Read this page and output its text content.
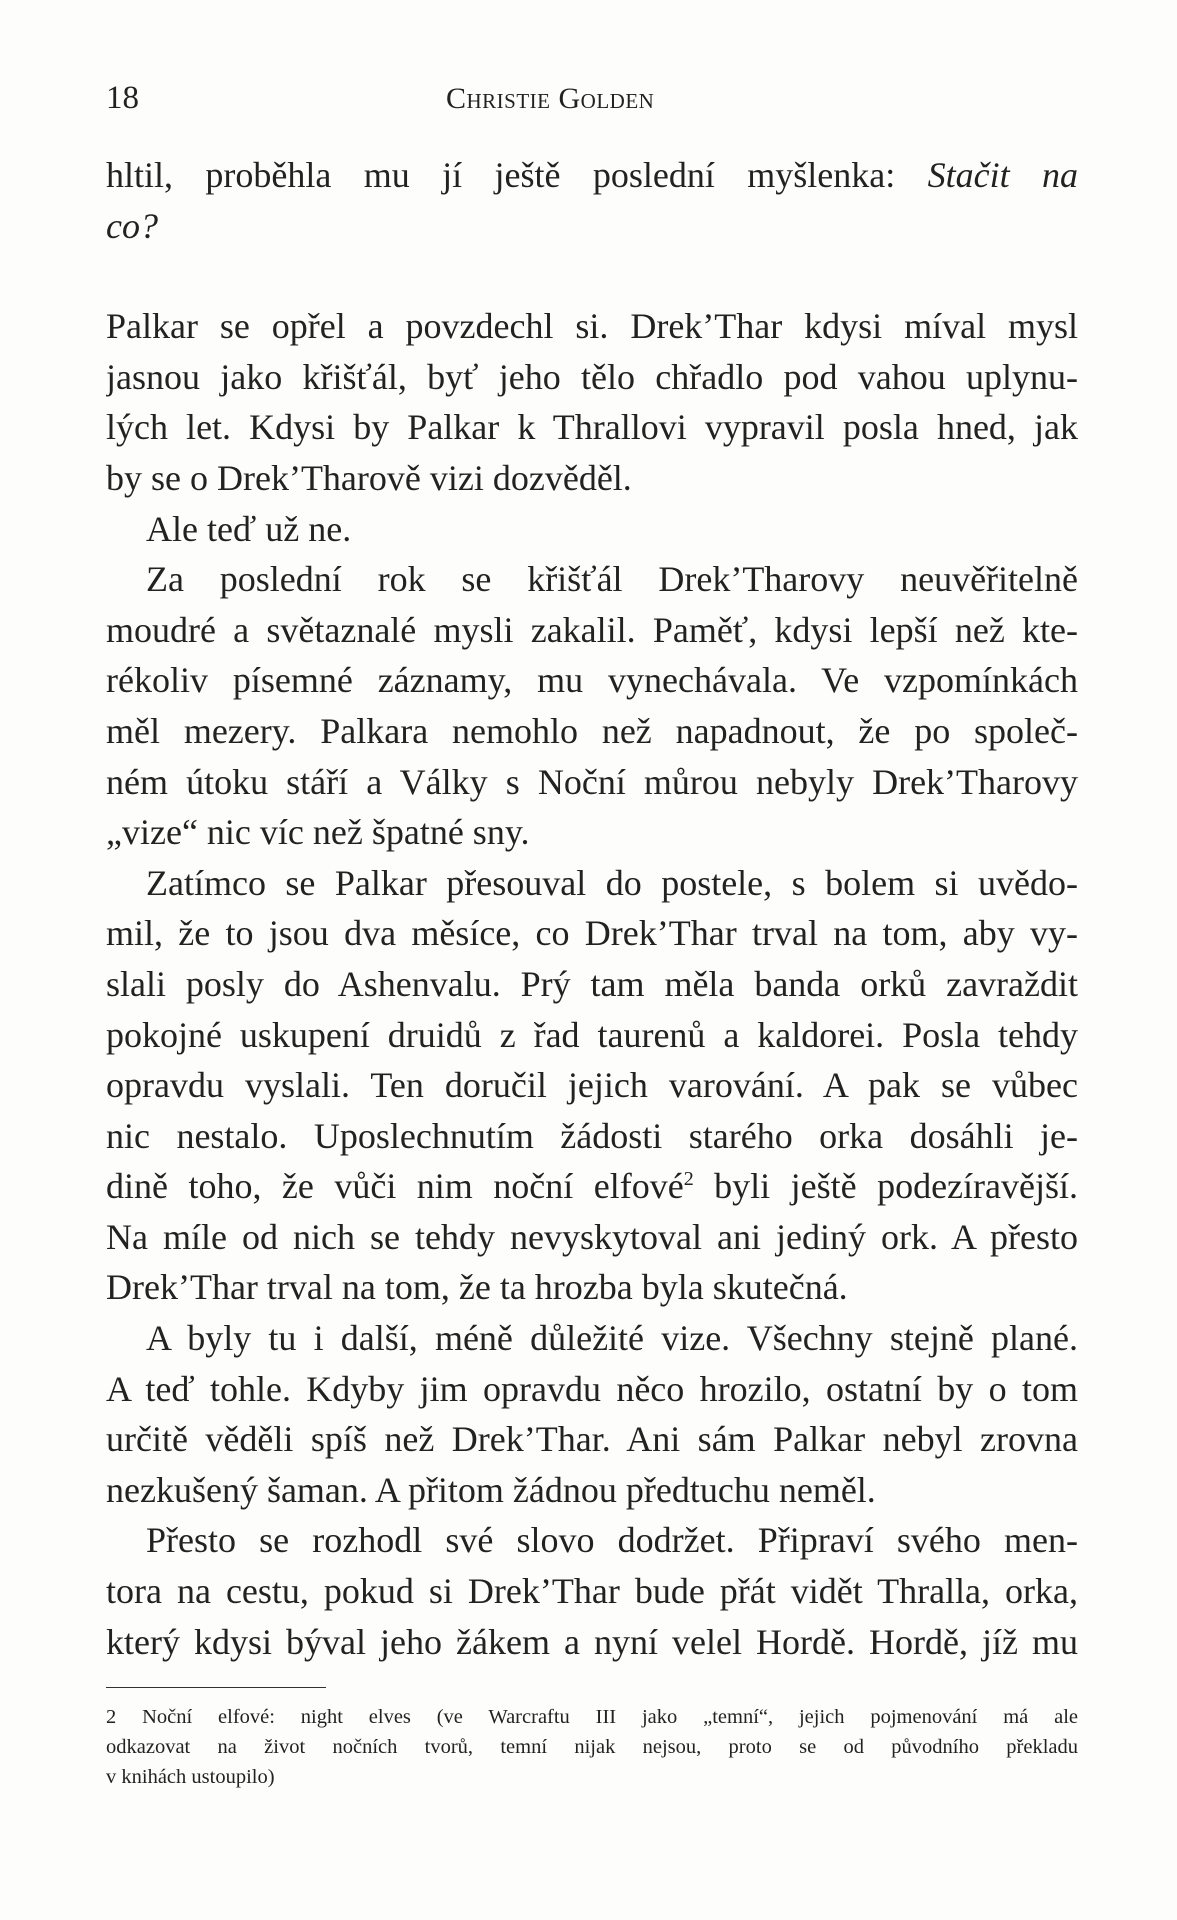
18	Christie Golden
hltil, proběhla mu jí ještě poslední myšlenka: Stačit na
co?
Palkar se opřel a povzdechl si. Drek’Thar kdysi míval mysl
jasnou jako křišťál, byť jeho tělo chřadlo pod vahou uplynu-
lých let. Kdysi by Palkar k Thrallovi vypravil posla hned, jak
by se o Drek’Tharově vizi dozvěděl.
Ale teď už ne.
Za poslední rok se křišťál Drek’Tharovy neuvěřitelně
moudré a světaznalé mysli zakalil. Paměť, kdysi lepší než kte-
rékoliv písemné záznamy, mu vynechávala. Ve vzpomínkách
měl mezery. Palkara nemohlo než napadnout, že po společ-
ném útoku stáří a Války s Noční můrou nebyly Drek’Tharovy
„vize“ nic víc než špatné sny.
Zatímco se Palkar přesouval do postele, s bolem si uvědo-
mil, že to jsou dva měsíce, co Drek’Thar trval na tom, aby vy-
slali posly do Ashenvalu. Prý tam měla banda orků zavraždit
pokojné uskupení druidů z řad taurenů a kaldorei. Posla tehdy
opravdu vyslali. Ten doručil jejich varování. A pak se vůbec
nic nestalo. Uposlechnutím žádosti starého orka dosáhli je-
dině toho, že vůči nim noční elfové$^2$ byli ještě podezíravější.
Na míle od nich se tehdy nevyskytoval ani jediný ork. A přesto
Drek’Thar trval na tom, že ta hrozba byla skutečná.
A byly tu i další, méně důležité vize. Všechny stejně plané.
A teď tohle. Kdyby jim opravdu něco hrozilo, ostatní by o tom
určitě věděli spíš než Drek’Thar. Ani sám Palkar nebyl zrovna
nezkušený šaman. A přitom žádnou předtuchu neměl.
Přesto se rozhodl své slovo dodržet. Připraví svého men-
tora na cestu, pokud si Drek’Thar bude přát vidět Thralla, orka,
který kdysi býval jeho žákem a nyní velel Hordě. Hordě, jíž mu
2 Noční elfové: night elves (ve Warcraftu III jako „temní“, jejich pojmenování má ale
odkazovat na život nočních tvorů, temní nijak nejsou, proto se od původního překladu
v knihách ustoupilo)
